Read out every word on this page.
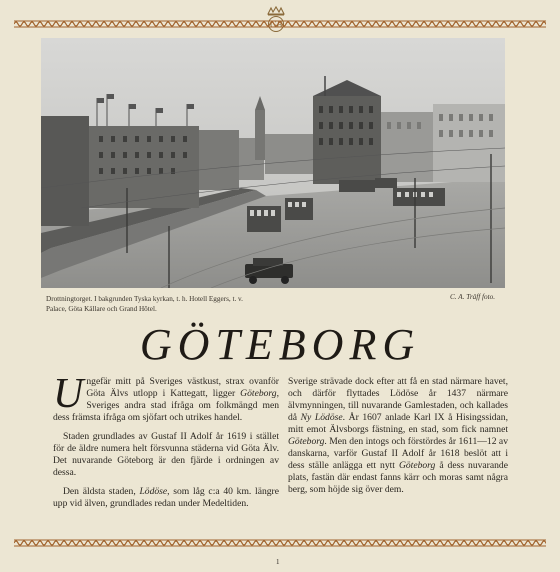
GB
Drottningtorget. I bakgrunden Tyska kyrkan, t. h. Hotell Eggers, t. v. Palace, Göta Källare och Grand Hôtel.
C. A. Träff foto.
GÖTEBORG

Ungefär mitt på Sveriges västkust, strax ovanför Göta Älvs utlopp i Kattegatt, ligger Göteborg, Sveriges andra stad ifråga om folkmängd men dess främsta ifråga om sjöfart och utrikes handel.

Staden grundlades av Gustaf II Adolf år 1619 i stället för de äldre numera helt försvunna städerna vid Göta Älv. Det nuvarande Göteborg är den fjärde i ordningen av dessa.

Den äldsta staden, Lödöse, som låg c:a 40 km. längre upp vid älven, grundlades redan under Medeltiden.

Sverige strävade dock efter att få en stad närmare havet, och därför flyttades Lödöse år 1437 närmare älvmynningen, till nuvarande Gamlestaden, och kallades då Ny Lödöse. År 1607 anlade Karl IX å Hisingssidan, mitt emot Älvsborgs fästning, en stad, som fick namnet Göteborg. Men den intogs och förstördes år 1611—12 av danskarna, varför Gustaf II Adolf år 1618 beslöt att i dess ställe anlägga ett nytt Göteborg å dess nuvarande plats, fastän där endast fanns kärr och moras samt några berg, som höjde sig över dem.

1
